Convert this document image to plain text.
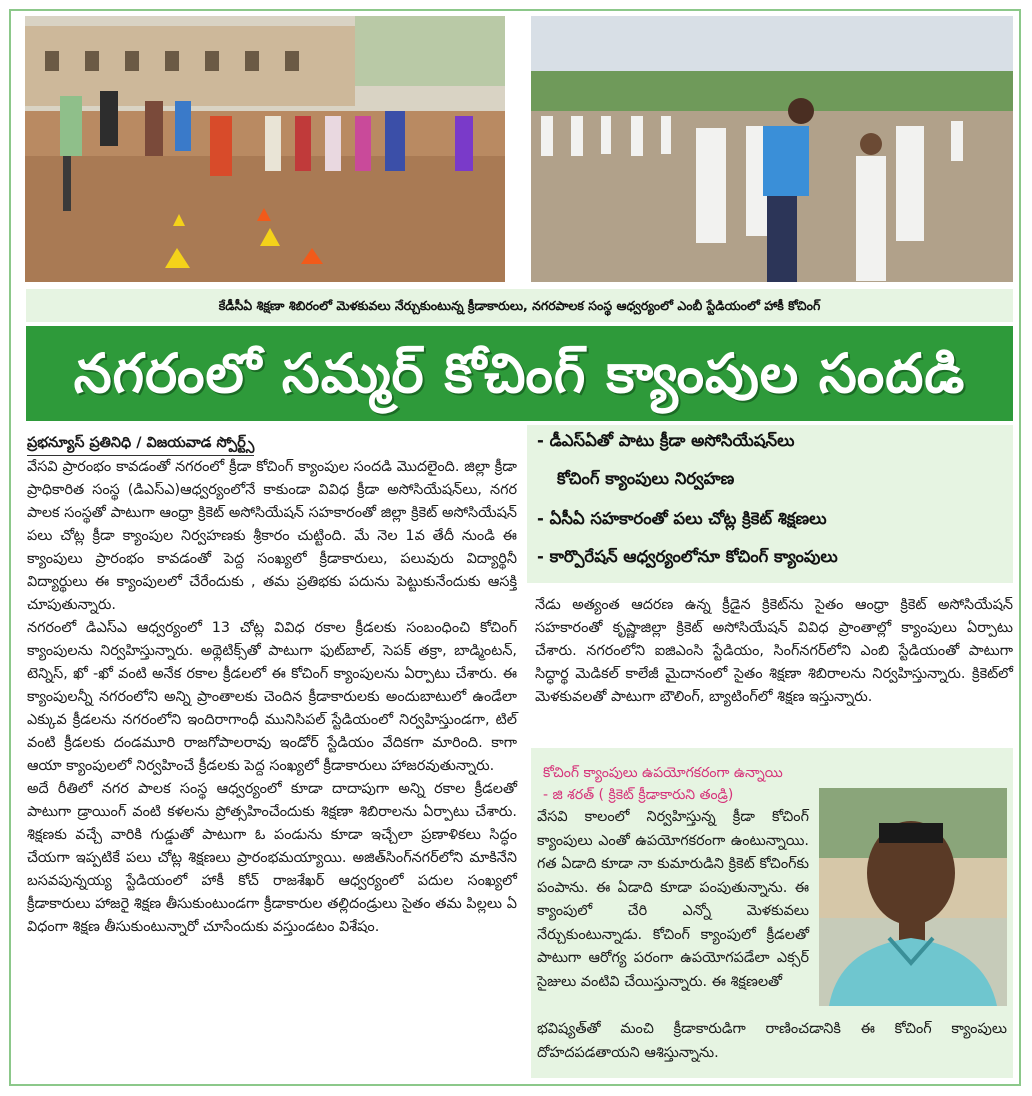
కేడీసీఏ శిక్షణా శిబిరంలో మెళకువలు నేర్చుకుంటున్న క్రీడాకారులు, నగరపాలక సంస్థ ఆధ్వర్యంలో ఎంబీ స్టేడియంలో హాకీ కోచింగ్
నగరంలో సమ్మర్ కోచింగ్ క్యాంపుల సందడి
ప్రభన్యూస్ ప్రతినిధి / విజయవాడ స్పోర్ట్స్

వేసవి ప్రారంభం కావడంతో నగరంలో క్రీడా కోచింగ్ క్యాంపుల సందడి మొదలైంది. జిల్లా క్రీడా ప్రాధికారిత సంస్థ (డిఎస్ఎ)ఆధ్వర్యంలోనే కాకుండా వివిధ క్రీడా అసోసియేషన్‌లు, నగర పాలక సంస్థతో పాటుగా ఆంధ్రా క్రికెట్ అసోసియేషన్ సహకారంతో జిల్లా క్రికెట్ అసోసియేషన్ పలు చోట్ల క్రీడా క్యాంపుల నిర్వహణకు శ్రీకారం చుట్టింది. మే నెల 1వ తేదీ నుండి ఈ క్యాంపులు ప్రారంభం కావడంతో పెద్ద సంఖ్యలో క్రీడాకారులు, పలువురు విద్యార్థినీ విద్యార్థులు ఈ క్యాంపులలో చేరేందుకు , తమ ప్రతిభకు పదును పెట్టుకునేందుకు ఆసక్తి చూపుతున్నారు.

నగరంలో డిఎస్ఎ ఆధ్వర్యంలో 13 చోట్ల వివిధ రకాల క్రీడలకు సంబంధించి కోచింగ్ క్యాంపులను నిర్వహిస్తున్నారు. అథ్లెటిక్స్‌తో పాటుగా ఫుట్‌బాల్, సెపక్ తక్రా, బాడ్మింటన్, టెన్నిస్, ఖో -ఖో వంటి అనేక రకాల క్రీడలలో ఈ కోచింగ్ క్యాంపులను ఏర్పాటు చేశారు. ఈ క్యాంపులన్నీ నగరంలోని అన్ని ప్రాంతాలకు చెందిన క్రీడాకారులకు అందుబాటులో ఉండేలా ఎక్కువ క్రీడలను నగరంలోని ఇందిరాగాంధీ మునిసిపల్ స్టేడియంలో నిర్వహిస్తుండగా, టిల్ వంటి క్రీడలకు దండమూరి రాజగోపాలరావు ఇండోర్ స్టేడియం వేదికగా మారింది. కాగా ఆయా క్యాంపులలో నిర్వహించే క్రీడలకు పెద్ద సంఖ్యలో క్రీడాకారులు హాజరవుతున్నారు.

అదే రీతిలో నగర పాలక సంస్థ ఆధ్వర్యంలో కూడా దాదాపుగా అన్ని రకాల క్రీడలతో పాటుగా డ్రాయింగ్ వంటి కళలను ప్రోత్సహించేందుకు శిక్షణా శిబిరాలను ఏర్పాటు చేశారు. శిక్షణకు వచ్చే వారికి గుడ్డుతో పాటుగా ఓ పండును కూడా ఇచ్చేలా ప్రణాళికలు సిద్ధం చేయగా ఇప్పటికే పలు చోట్ల శిక్షణలు ప్రారంభమయ్యాయి. అజిత్‌సింగ్‌నగర్‌లోని మాకినేని బసవపున్నయ్య స్టేడియంలో హాకీ కోచ్ రాజశేఖర్ ఆధ్వర్యంలో పదుల సంఖ్యలో క్రీడాకారులు హాజరై శిక్షణ తీసుకుంటుండగా క్రీడాకారుల తల్లిదండ్రులు సైతం తమ పిల్లలు ఏ విధంగా శిక్షణ తీసుకుంటున్నారో చూసేందుకు వస్తుండటం విశేషం.

- డీఎస్ఏతో పాటు క్రీడా అసోసియేషన్‌లు
కోచింగ్ క్యాంపులు నిర్వహణ
- ఏసీఏ సహకారంతో పలు చోట్ల క్రికెట్ శిక్షణలు
- కార్పొరేషన్ ఆధ్వర్యంలోనూ కోచింగ్ క్యాంపులు

నేడు అత్యంత ఆదరణ ఉన్న క్రీడైన క్రికెట్‌ను సైతం ఆంధ్రా క్రికెట్ అసోసియేషన్ సహకారంతో కృష్ణాజిల్లా క్రికెట్ అసోసియేషన్ వివిధ ప్రాంతాల్లో క్యాంపులు ఏర్పాటు చేశారు. నగరంలోని ఐజిఎంసి స్టేడియం, సింగ్‌నగర్‌లోని ఎంబి స్టేడియంతో పాటుగా సిద్ధార్థ మెడికల్ కాలేజీ మైదానంలో సైతం శిక్షణా శిబిరాలను నిర్వహిస్తున్నారు. క్రికెట్‌లో మెళకువలతో పాటుగా బౌలింగ్, బ్యాటింగ్‌లో శిక్షణ ఇస్తున్నారు.

కోచింగ్ క్యాంపులు ఉపయోగకరంగా ఉన్నాయి
- జి శరత్ ( క్రికెట్ క్రీడాకారుని తండ్రి)
వేసవి కాలంలో నిర్వహిస్తున్న క్రీడా కోచింగ్ క్యాంపులు ఎంతో ఉపయోగకరంగా ఉంటున్నాయి. గత ఏడాది కూడా నా కుమారుడిని క్రికెట్ కోచింగ్‌కు పంపాను. ఈ ఏడాది కూడా పంపుతున్నాను. ఈ క్యాంపులో చేరి ఎన్నో మెళకువలు నేర్చుకుంటున్నాడు. కోచింగ్ క్యాంపులో క్రీడలతో పాటుగా ఆరోగ్య పరంగా ఉపయోగపడేలా ఎక్సర్ సైజులు వంటివి చేయిస్తున్నారు. ఈ శిక్షణలతో
భవిష్యత్‌తో మంచి క్రీడాకారుడిగా రాణించడానికి ఈ కోచింగ్ క్యాంపులు దోహదపడతాయని ఆశిస్తున్నాను.
